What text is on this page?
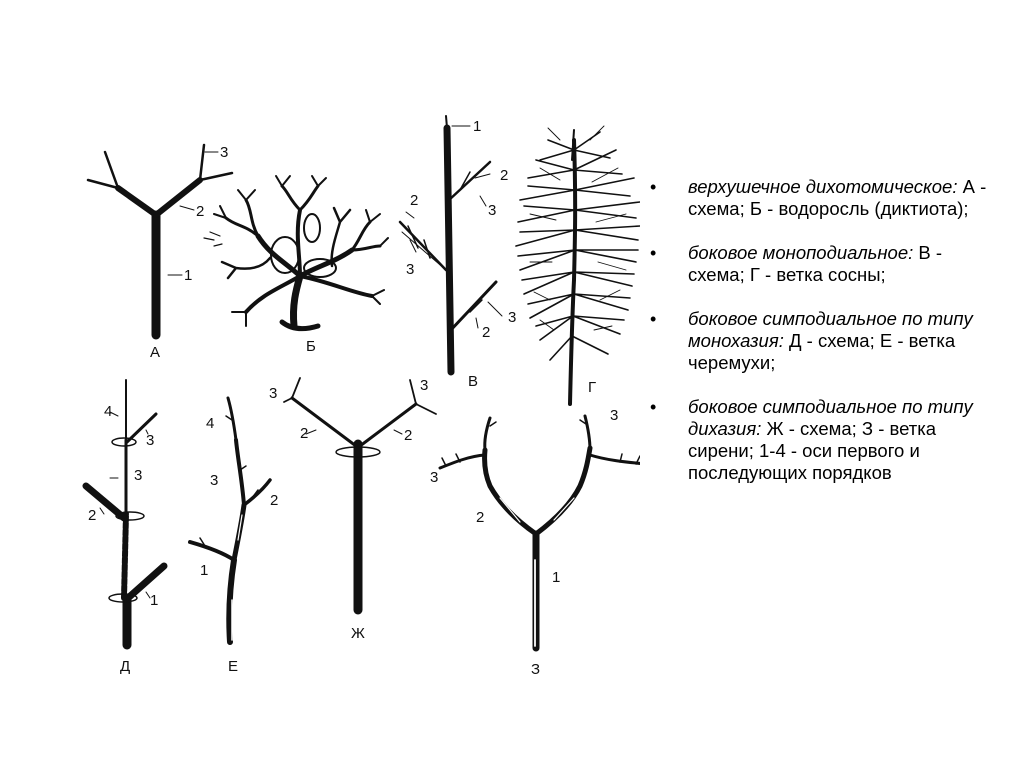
1
2
3
А	Б
1
2
3
2
3
2
3
В	Г
4
3
3
2
1
Д
4
3
2
1
Е
3	3
2	2
Ж
3
3
2
1
З
• верхушечное дихотомическое: А - схема; Б - водоросль (диктиота);
• боковое моноподиальное: В - схема; Г - ветка сосны;
• боковое симподиальное по типу монохазия: Д - схема; Е - ветка черемухи;
• боковое симподиальное по типу дихазия: Ж - схема; З - ветка сирени; 1-4 - оси первого и последующих порядков
